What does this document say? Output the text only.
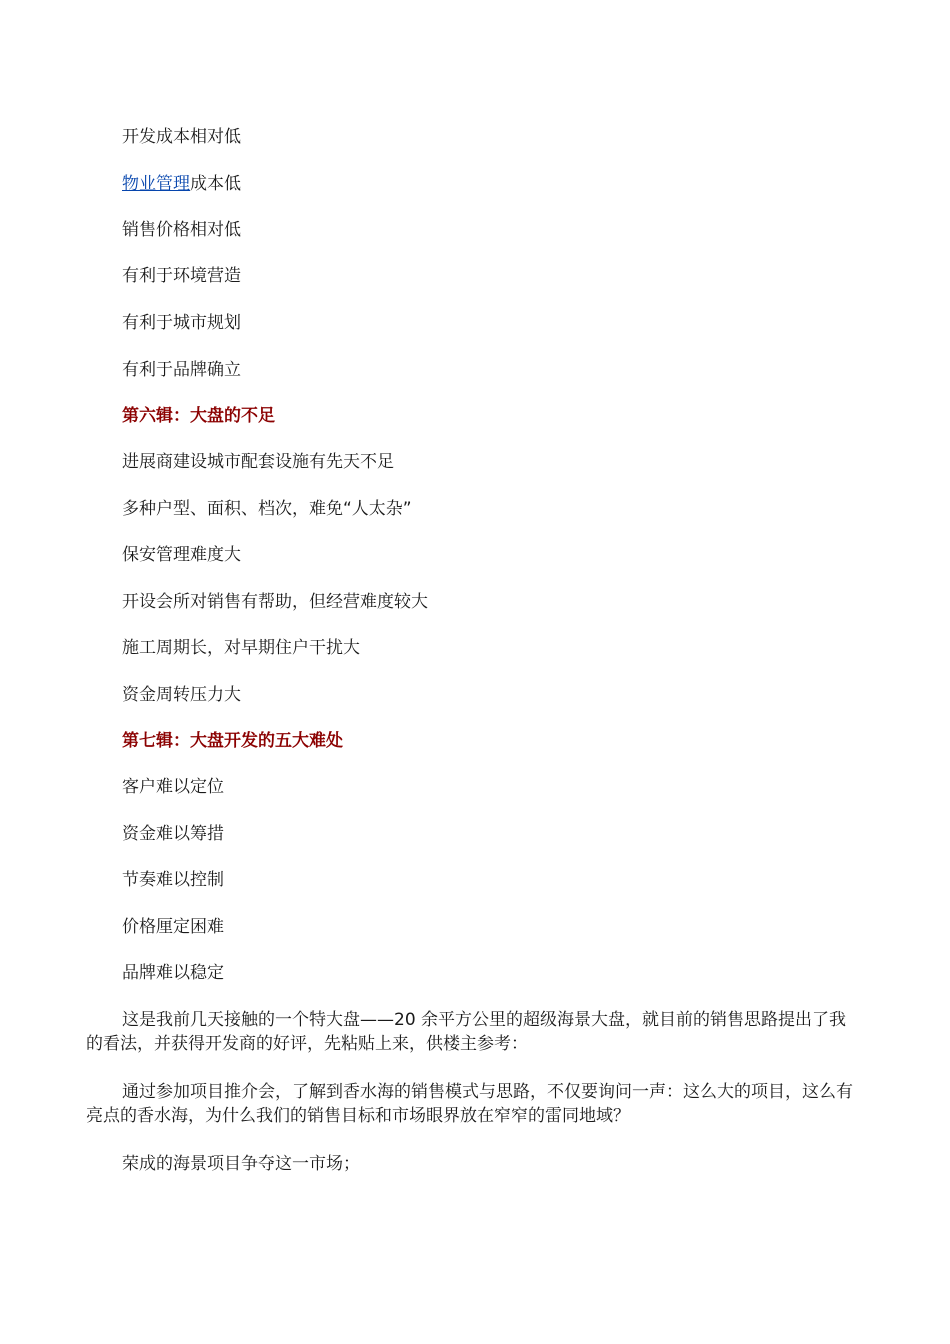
开发成本相对低
物业管理成本低
销售价格相对低
有利于环境营造
有利于城市规划
有利于品牌确立
第六辑：大盘的不足
进展商建设城市配套设施有先天不足
多种户型、面积、档次，难免“人太杂”
保安管理难度大
开设会所对销售有帮助，但经营难度较大
施工周期长，对早期住户干扰大
资金周转压力大
第七辑：大盘开发的五大难处
客户难以定位
资金难以筹措
节奏难以控制
价格厘定困难
品牌难以稳定
这是我前几天接触的一个特大盘——20 余平方公里的超级海景大盘，就目前的销售思路提出了我的看法，并获得开发商的好评，先粘贴上来，供楼主参考：
通过参加项目推介会，了解到香水海的销售模式与思路，不仅要询问一声：这么大的项目，这么有亮点的香水海，为什么我们的销售目标和市场眼界放在窄窄的雷同地域？
荣成的海景项目争夺这一市场；
